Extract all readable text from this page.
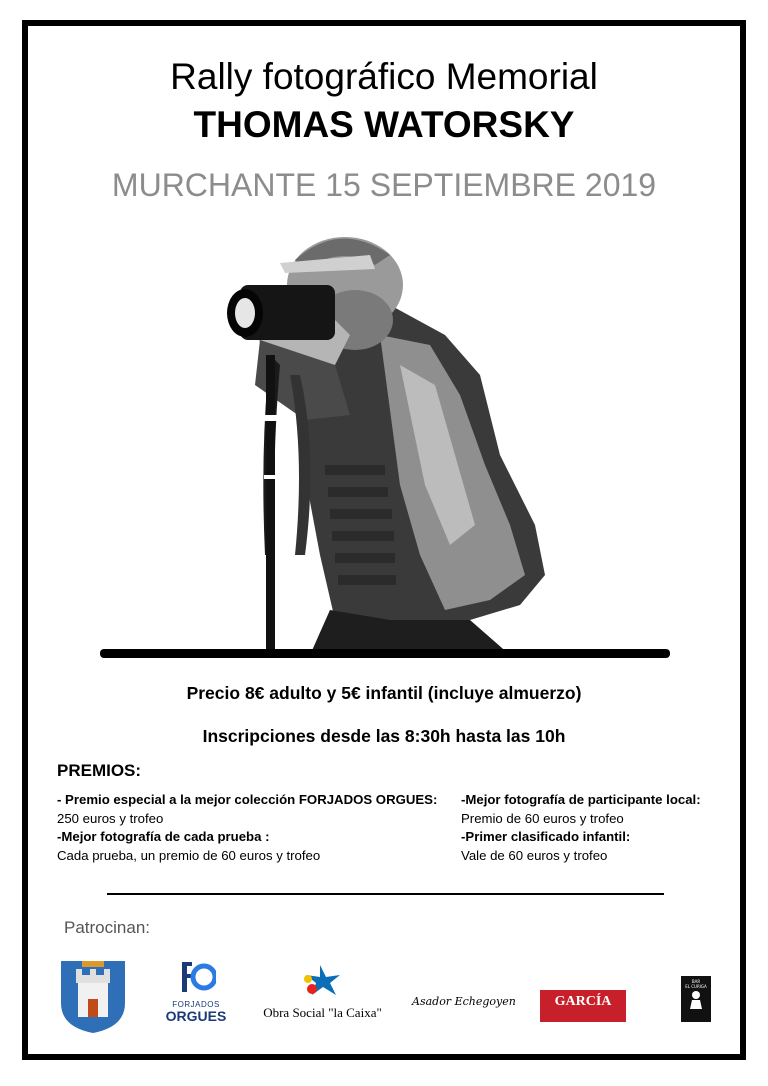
Rally fotográfico Memorial
THOMAS WATORSKY
MURCHANTE 15 SEPTIEMBRE 2019
Precio 8€ adulto y 5€ infantil (incluye almuerzo)
Inscripciones desde las 8:30h hasta las 10h
PREMIOS:
- Premio especial a la mejor colección FORJADOS ORGUES:
250 euros y trofeo
-Mejor fotografía de cada prueba :
Cada prueba, un premio de 60 euros y trofeo
-Mejor fotografía de participante local:
Premio de 60 euros y trofeo
-Primer clasificado infantil:
Vale de 60 euros y trofeo
Patrocinan:
FORJADOS
ORGUES	Obra Social "la Caixa"
Asador Echegoyen	GARCÍA
BAR
EL CURIGA
